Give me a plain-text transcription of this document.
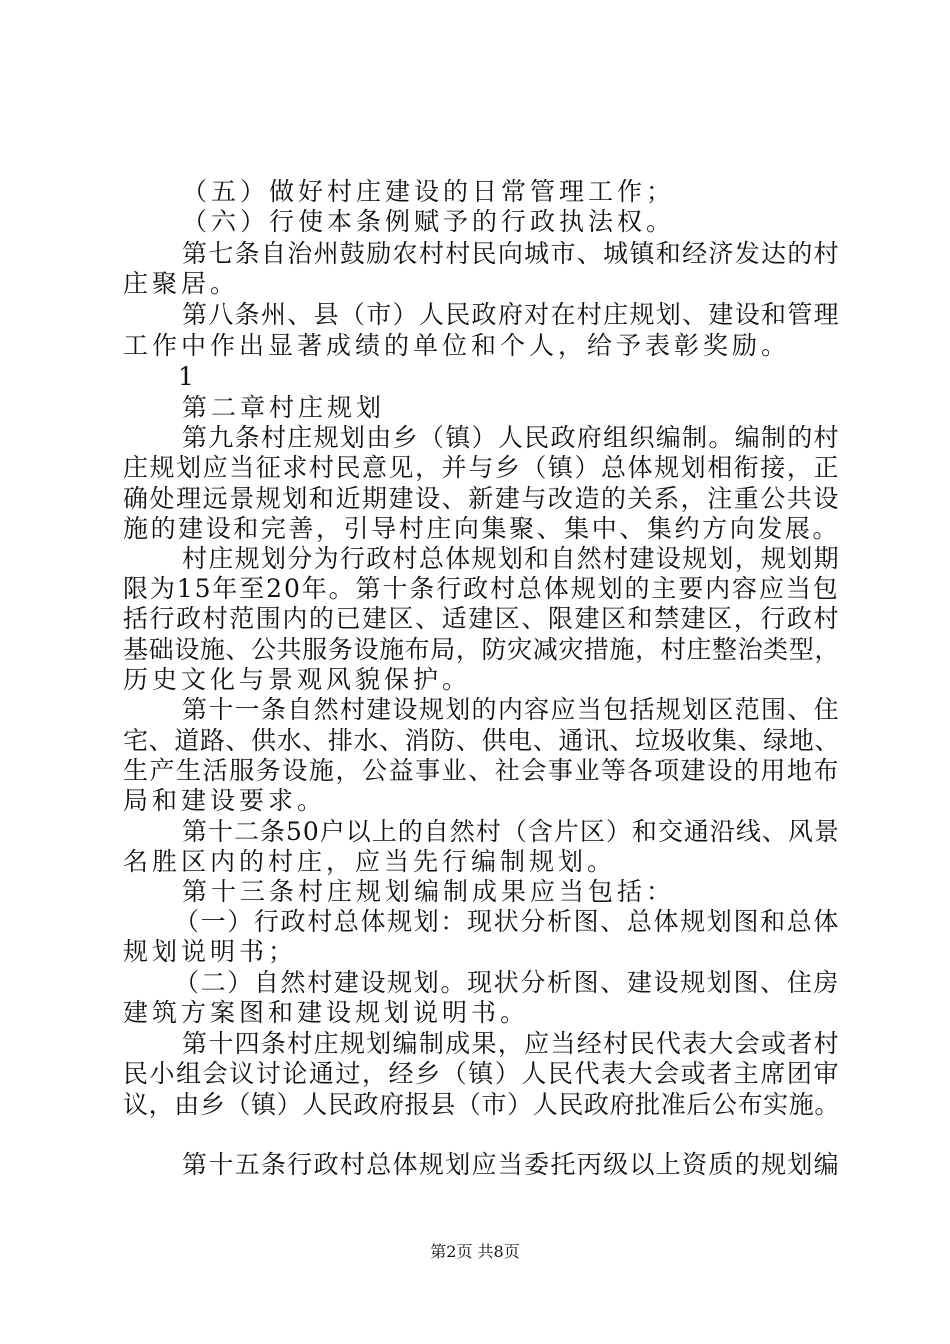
（五）做好村庄建设的日常管理工作；
（六）行使本条例赋予的行政执法权。
第七条自治州鼓励农村村民向城市、城镇和经济发达的村
庄聚居。
第八条州、县（市）人民政府对在村庄规划、建设和管理
工作中作出显著成绩的单位和个人，给予表彰奖励。
1
第二章村庄规划
第九条村庄规划由乡（镇）人民政府组织编制。编制的村
庄规划应当征求村民意见，并与乡（镇）总体规划相衔接，正
确处理远景规划和近期建设、新建与改造的关系，注重公共设
施的建设和完善，引导村庄向集聚、集中、集约方向发展。
村庄规划分为行政村总体规划和自然村建设规划，规划期
限为15年至20年。第十条行政村总体规划的主要内容应当包
括行政村范围内的已建区、适建区、限建区和禁建区，行政村
基础设施、公共服务设施布局，防灾减灾措施，村庄整治类型，
历史文化与景观风貌保护。
第十一条自然村建设规划的内容应当包括规划区范围、住
宅、道路、供水、排水、消防、供电、通讯、垃圾收集、绿地、
生产生活服务设施，公益事业、社会事业等各项建设的用地布
局和建设要求。
第十二条50户以上的自然村（含片区）和交通沿线、风景
名胜区内的村庄，应当先行编制规划。
第十三条村庄规划编制成果应当包括：
（一）行政村总体规划：现状分析图、总体规划图和总体
规划说明书；
（二）自然村建设规划。现状分析图、建设规划图、住房
建筑方案图和建设规划说明书。
第十四条村庄规划编制成果，应当经村民代表大会或者村
民小组会议讨论通过，经乡（镇）人民代表大会或者主席团审
议，由乡（镇）人民政府报县（市）人民政府批准后公布实施。
第十五条行政村总体规划应当委托丙级以上资质的规划编
第2页 共8页
